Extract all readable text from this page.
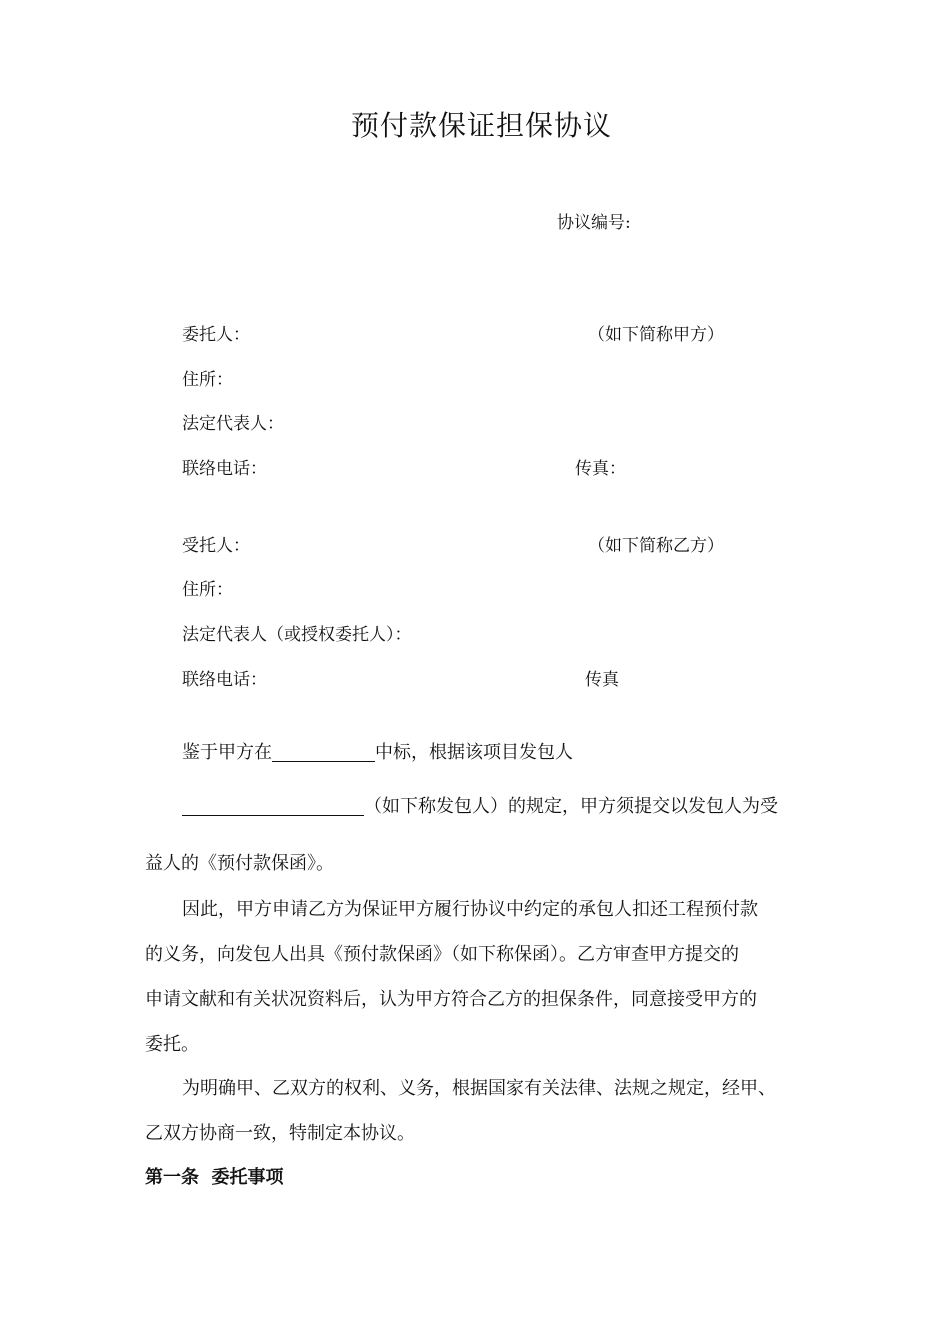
预付款保证担保协议
协议编号:
委托人：	（如下简称甲方）
住所：
法定代表人：
联络电话：	传真：
受托人：	（如下简称乙方）
住所：
法定代表人（或授权委托人）：
联络电话：	传真
鉴于甲方在	中标，根据该项目发包人
（如下称发包人）的规定，甲方须提交以发包人为受
益人的《预付款保函》。
因此，甲方申请乙方为保证甲方履行协议中约定的承包人扣还工程预付款
的义务，向发包人出具《预付款保函》（如下称保函）。乙方审查甲方提交的
申请文献和有关状况资料后，认为甲方符合乙方的担保条件，同意接受甲方的
委托。
为明确甲、乙双方的权利、义务，根据国家有关法律、法规之规定，经甲、
乙双方协商一致，特制定本协议。
第一条  委托事项
